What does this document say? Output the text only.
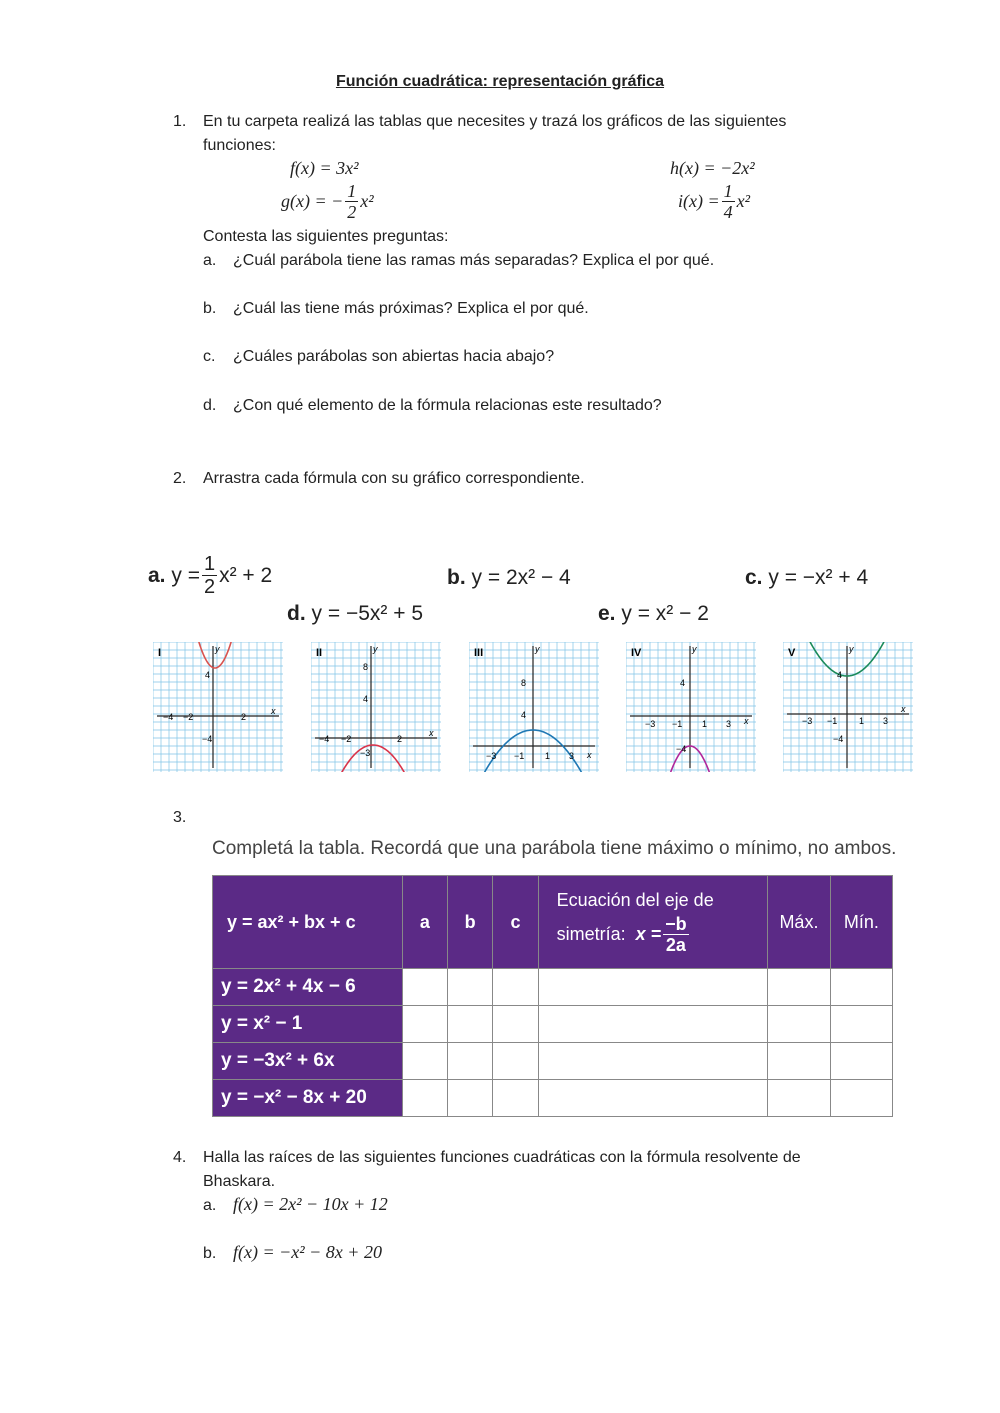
Función cuadrática: representación gráfica
1. En tu carpeta realizá las tablas que necesites y trazá los gráficos de las siguientes
funciones:
f(x) = 3x²	h(x) = −2x²
g(x) = − $\frac{1}{2} x^2$	$i(x) = \frac{1}{4} x^2$
Contesta las siguientes preguntas:
a. ¿Cuál parábola tiene las ramas más separadas? Explica el por qué.
b. ¿Cuál las tiene más próximas? Explica el por qué.
c. ¿Cuáles parábolas son abiertas hacia abajo?
d. ¿Con qué elemento de la fórmula relacionas este resultado?
2. Arrastra cada fórmula con su gráfico correspondiente.
a.
$y = \frac{1}{2} x^2 + 2$	b. y = 2x² − 4	c. y = −x² + 4
d. y = −5x² + 5	e. y = x² − 2
I
−4 −2	2
4
−4
x
y	II
−4 −2	2
8
4
−3
x
y	III
−3 −1 1 3
8
4
x
y	IV
−3 −1 1 3
4
−4
x
y	V
−3 −1 1 3
4
−4
x
y
3.
Completá la tabla. Recordá que una parábola tiene máximo o mínimo, no ambos.
y = ax² + bx + c	a	b	c	Ecuación del eje de
simetría:
$x = \frac{-b}{2a}$	Máx.	Mín.
y = 2x² + 4x − 6						
y = x² − 1						
y = −3x² + 6x						
y = −x² − 8x + 20						
4. Halla las raíces de las siguientes funciones cuadráticas con la fórmula resolvente de
Bhaskara.
a. f(x) = 2x² − 10x + 12
b. f(x) = −x² − 8x + 20
